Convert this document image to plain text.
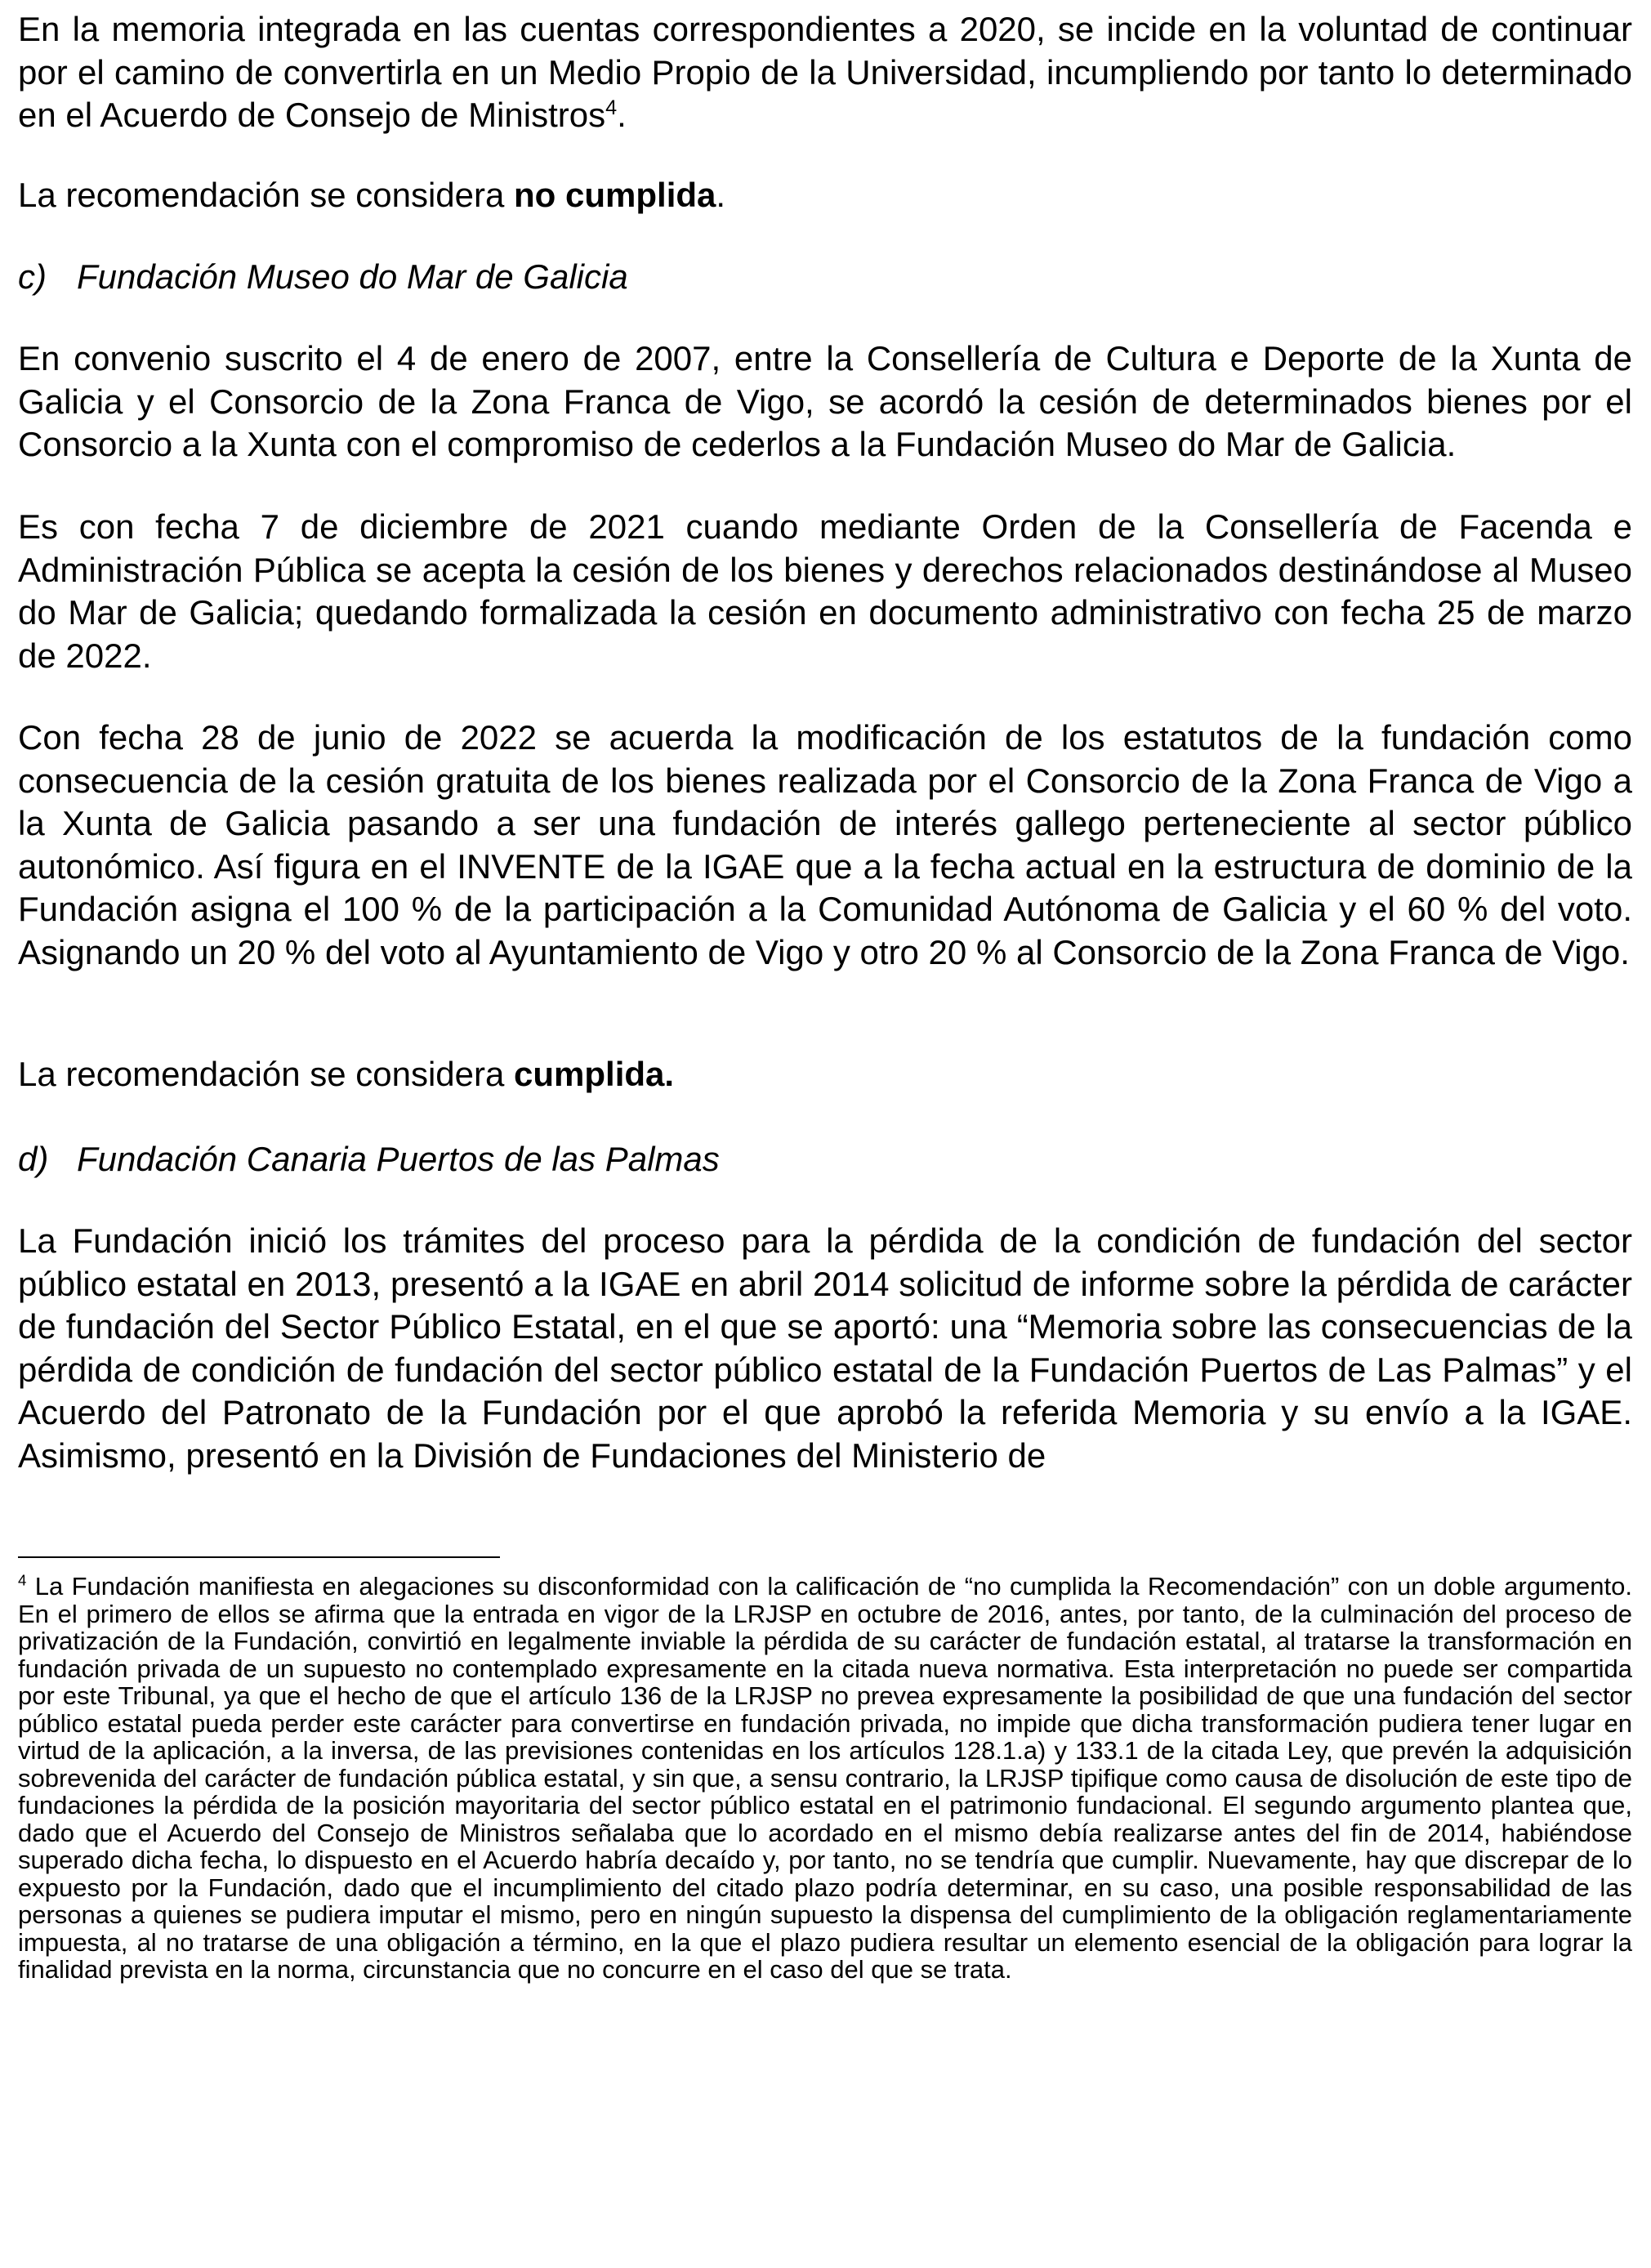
En la memoria integrada en las cuentas correspondientes a 2020, se incide en la voluntad de continuar por el camino de convertirla en un Medio Propio de la Universidad, incumpliendo por tanto lo determinado en el Acuerdo de Consejo de Ministros$^4$.

La recomendación se considera no cumplida.

c) Fundación Museo do Mar de Galicia

En convenio suscrito el 4 de enero de 2007, entre la Consellería de Cultura e Deporte de la Xunta de Galicia y el Consorcio de la Zona Franca de Vigo, se acordó la cesión de determinados bienes por el Consorcio a la Xunta con el compromiso de cederlos a la Fundación Museo do Mar de Galicia.

Es con fecha 7 de diciembre de 2021 cuando mediante Orden de la Consellería de Facenda e Administración Pública se acepta la cesión de los bienes y derechos relacionados destinándose al Museo do Mar de Galicia; quedando formalizada la cesión en documento administrativo con fecha 25 de marzo de 2022.

Con fecha 28 de junio de 2022 se acuerda la modificación de los estatutos de la fundación como consecuencia de la cesión gratuita de los bienes realizada por el Consorcio de la Zona Franca de Vigo a la Xunta de Galicia pasando a ser una fundación de interés gallego perteneciente al sector público autonómico. Así figura en el INVENTE de la IGAE que a la fecha actual en la estructura de dominio de la Fundación asigna el 100 % de la participación a la Comunidad Autónoma de Galicia y el 60 % del voto. Asignando un 20 % del voto al Ayuntamiento de Vigo y otro 20 % al Consorcio de la Zona Franca de Vigo.

La recomendación se considera cumplida.

d) Fundación Canaria Puertos de las Palmas

La Fundación inició los trámites del proceso para la pérdida de la condición de fundación del sector público estatal en 2013, presentó a la IGAE en abril 2014 solicitud de informe sobre la pérdida de carácter de fundación del Sector Público Estatal, en el que se aportó: una “Memoria sobre las consecuencias de la pérdida de condición de fundación del sector público estatal de la Fundación Puertos de Las Palmas” y el Acuerdo del Patronato de la Fundación por el que aprobó la referida Memoria y su envío a la IGAE. Asimismo, presentó en la División de Fundaciones del Ministerio de

$^4$ La Fundación manifiesta en alegaciones su disconformidad con la calificación de “no cumplida la Recomendación” con un doble argumento. En el primero de ellos se afirma que la entrada en vigor de la LRJSP en octubre de 2016, antes, por tanto, de la culminación del proceso de privatización de la Fundación, convirtió en legalmente inviable la pérdida de su carácter de fundación estatal, al tratarse la transformación en fundación privada de un supuesto no contemplado expresamente en la citada nueva normativa. Esta interpretación no puede ser compartida por este Tribunal, ya que el hecho de que el artículo 136 de la LRJSP no prevea expresamente la posibilidad de que una fundación del sector público estatal pueda perder este carácter para convertirse en fundación privada, no impide que dicha transformación pudiera tener lugar en virtud de la aplicación, a la inversa, de las previsiones contenidas en los artículos 128.1.a) y 133.1 de la citada Ley, que prevén la adquisición sobrevenida del carácter de fundación pública estatal, y sin que, a sensu contrario, la LRJSP tipifique como causa de disolución de este tipo de fundaciones la pérdida de la posición mayoritaria del sector público estatal en el patrimonio fundacional. El segundo argumento plantea que, dado que el Acuerdo del Consejo de Ministros señalaba que lo acordado en el mismo debía realizarse antes del fin de 2014, habiéndose superado dicha fecha, lo dispuesto en el Acuerdo habría decaído y, por tanto, no se tendría que cumplir. Nuevamente, hay que discrepar de lo expuesto por la Fundación, dado que el incumplimiento del citado plazo podría determinar, en su caso, una posible responsabilidad de las personas a quienes se pudiera imputar el mismo, pero en ningún supuesto la dispensa del cumplimiento de la obligación reglamentariamente impuesta, al no tratarse de una obligación a término, en la que el plazo pudiera resultar un elemento esencial de la obligación para lograr la finalidad prevista en la norma, circunstancia que no concurre en el caso del que se trata.
